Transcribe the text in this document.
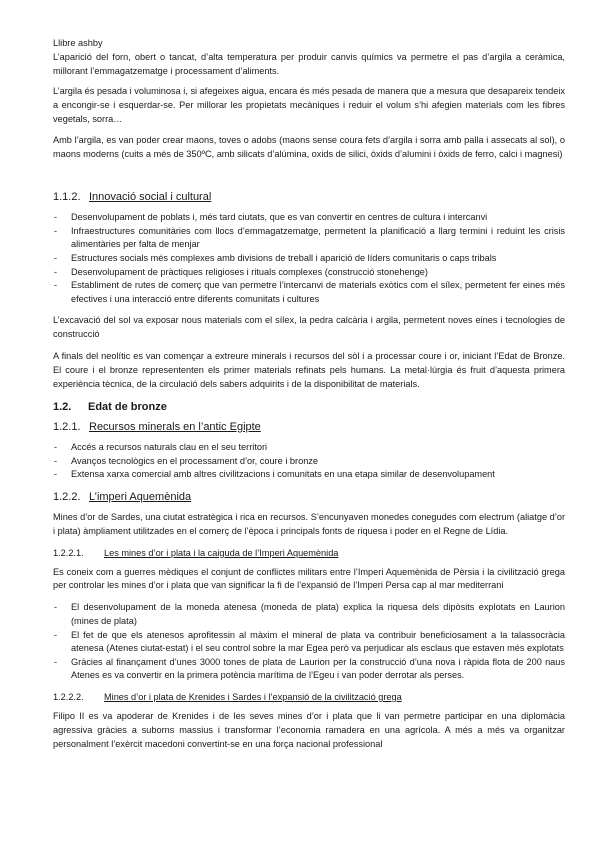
Llibre ashby
L’aparició del forn, obert o tancat, d’alta temperatura per produir canvis químics va permetre el pas d’argila a ceràmica, millorant l’emmagatzematge i processament d’aliments.

L’argila és pesada i voluminosa i, si afegeixes aigua, encara és més pesada de manera que a mesura que desapareix tendeix a encongir-se i esquerdar-se. Per millorar les propietats mecàniques i reduir el volum s’hi afegien materials com les fibres vegetals, sorra…

Amb l’argila, es van poder crear maons, toves o adobs (maons sense coura fets d’argila i sorra amb palla i assecats al sol), o maons moderns (cuits a més de 350ºC, amb silicats d’alúmina, oxids de silici, òxids d’alumini i òxids de ferro, calci i magnesi)

1.1.2. Innovació social i cultural
- Desenvolupament de poblats i, més tard ciutats, que es van convertir en centres de cultura i intercanvi
- Infraestructures comunitàries com llocs d’emmagatzematge, permetent la planificació a llarg termini i reduint les crisis alimentàries per falta de menjar
- Estructures socials més complexes amb divisions de treball i aparició de líders comunitaris o caps tribals
- Desenvolupament de pràctiques religioses i rituals complexes (construcció stonehenge)
- Establiment de rutes de comerç que van permetre l’intercanvi de materials exòtics com el sílex, permetent fer eines més efectives i una interacció entre diferents comunitats i cultures

L’excavació del sol va exposar nous materials com el sílex, la pedra calcària i argila, permetent noves eines i tecnologies de construcció

A finals del neolític es van començar a extreure minerals i recursos del sòl i a processar coure i or, iniciant l’Edat de Bronze. El coure i el bronze represententen els primer materials refinats pels humans. La metal·lúrgia és fruit d’aquesta primera experiència tècnica, de la circulació dels sabers adquirits i de la disponibilitat de materials.

1.2. Edat de bronze
1.2.1. Recursos minerals en l’antic Egipte
- Accés a recursos naturals clau en el seu territori
- Avanços tecnològics en el processament d’or, coure i bronze
- Extensa xarxa comercial amb altres civilitzacions i comunitats en una etapa similar de desenvolupament
1.2.2. L’imperi Aquemènida

Mines d’or de Sardes, una ciutat estratègica i rica en recursos. S’encunyaven monedes conegudes com electrum (aliatge d’or i plata) àmpliament utilitzades en el comerç de l’època i principals fonts de riquesa i poder en el Regne de Lídia.

1.2.2.1. Les mines d’or i plata i la caiguda de l’Imperi Aquemènida

Es coneix com a guerres mèdiques el conjunt de conflictes militars entre l’Imperi Aquemènida de Pèrsia i la civilització grega per controlar les mines d’or i plata que van significar la fi de l’expansió de l’Imperi Persa cap al mar mediterrani

- El desenvolupament de la moneda atenesa (moneda de plata) explica la riquesa dels dipòsits explotats en Laurion (mines de plata)
- El fet de que els atenesos aprofitessin al màxim el mineral de plata va contribuir beneficiosament a la talassocràcia atenesa (Atenes ciutat-estat) i el seu control sobre la mar Egea però va perjudicar als esclaus que estaven més explotats
- Gràcies al finançament d’unes 3000 tones de plata de Laurion per la construcció d’una nova i ràpida flota de 200 naus Atenes es va convertir en la primera potència marítima de l’Egeu i van poder derrotar als perses.
1.2.2.2. Mines d’or i plata de Krenides i Sardes i l’expansió de la civilització grega

Filipo II es va apoderar de Krenides i de les seves mines d’or i plata que li van permetre participar en una diplomàcia agressiva gràcies a suborns massius i transformar l’economia ramadera en una agrícola. A més a més va organitzar personalment l’exèrcit macedoni convertint-se en una força nacional professional
